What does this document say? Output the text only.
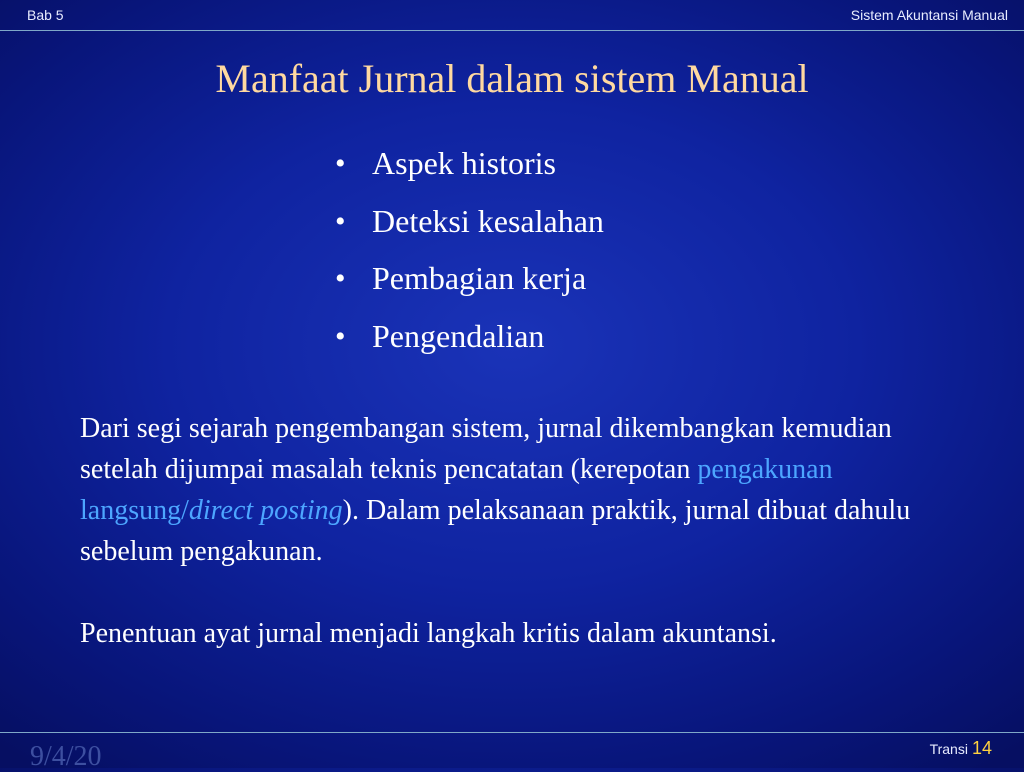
Bab 5	Sistem Akuntansi Manual
Manfaat Jurnal dalam sistem Manual
• Aspek historis
• Deteksi kesalahan
• Pembagian kerja
• Pengendalian

Dari segi sejarah pengembangan sistem, jurnal dikembangkan kemudian setelah dijumpai masalah teknis pencatatan (kerepotan pengakunan langsung/direct posting). Dalam pelaksanaan praktik, jurnal dibuat dahulu sebelum pengakunan.

Penentuan ayat jurnal menjadi langkah kritis dalam akuntansi.

9/4/20	Transi 14
